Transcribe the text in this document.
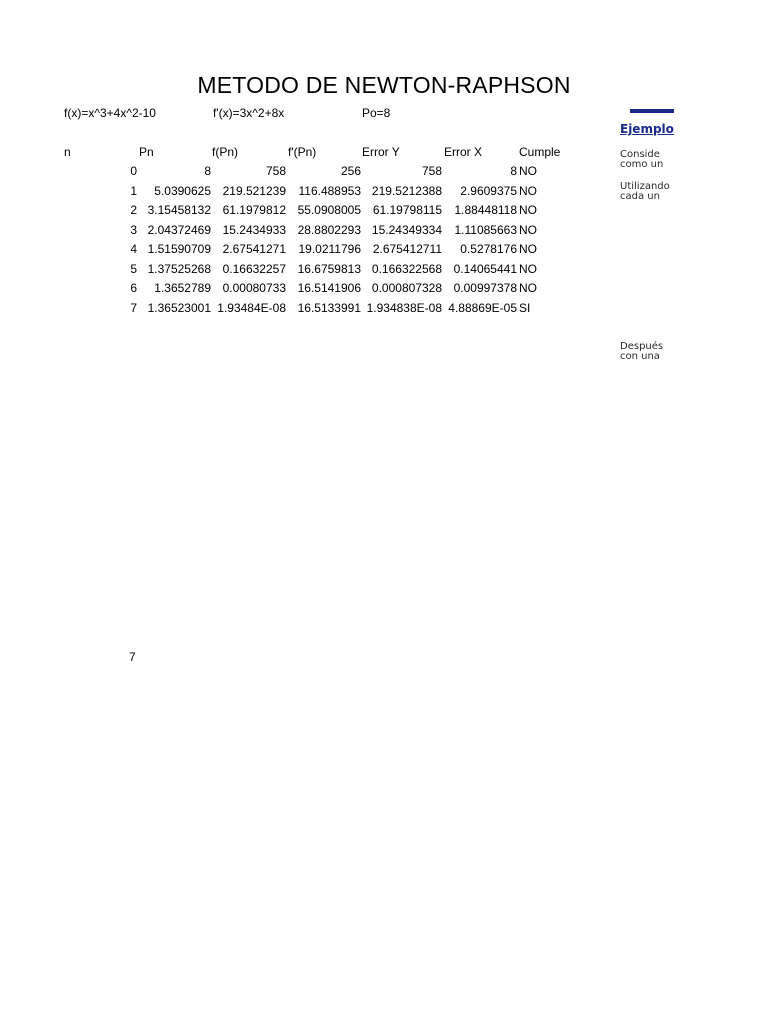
METODO DE NEWTON-RAPHSON
f(x)=x^3+4x^2-10	f'(x)=3x^2+8x	Po=8
n	Pn	f(Pn)	f'(Pn)	Error Y	Error X	Cumple
0	8	758	256	758	8 NO
1 5.0390625 219.521239 116.488953 219.5212388 2.9609375 NO
2 3.15458132 61.1979812 55.0908005 61.19798115 1.88448118 NO
3 2.04372469 15.2434933 28.8802293 15.24349334 1.11085663 NO
4 1.51590709 2.67541271 19.0211796 2.675412711 0.5278176 NO
5 1.37525268 0.16632257 16.6759813 0.166322568 0.14065441 NO
6 1.3652789 0.00080733 16.5141906 0.000807328 0.00997378 NO
7 1.36523001 1.93484E-08 16.5133991 1.934838E-08 4.88869E-05 SI
7
Ejemplo
Conside
como un
Utilizando
cada un
Después
con una
